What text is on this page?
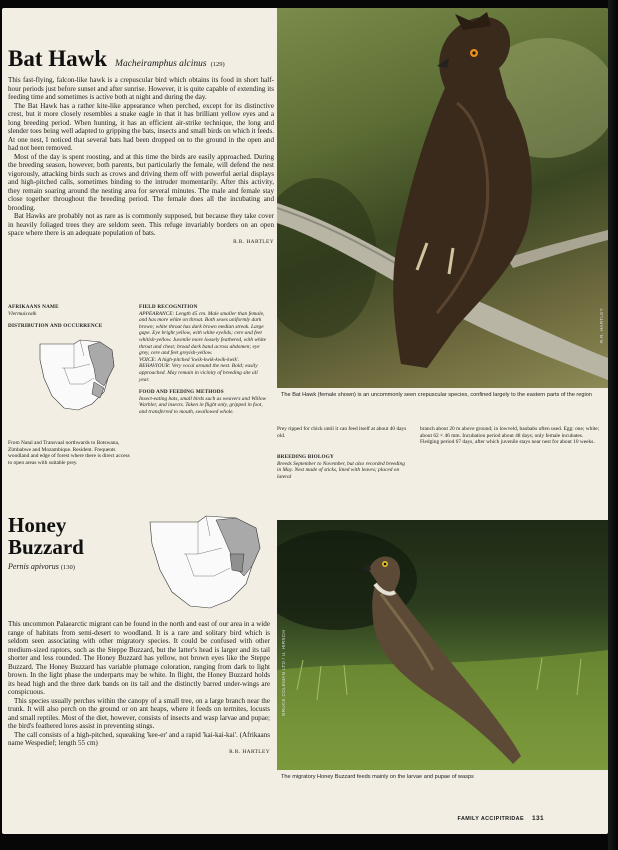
Bat Hawk Macheiramphus alcinus (129)

This fast-flying, falcon-like hawk is a crepuscular bird which obtains its food in short half-hour periods just before sunset and after sunrise. However, it is quite capable of extending its feeding time and sometimes is active both at night and during the day.

The Bat Hawk has a rather kite-like appearance when perched, except for its distinctive crest, but it more closely resembles a snake eagle in that it has brilliant yellow eyes and a long breeding period. When hunting, it has an efficient air-strike technique, the long and slender toes being well adapted to gripping the bats, insects and small birds on which it feeds. At one nest, I noticed that several bats had been dropped on to the ground in the open and had not been removed.

Most of the day is spent roosting, and at this time the birds are easily approached. During the breeding season, however, both parents, but particularly the female, will defend the nest vigorously, attacking birds such as crows and driving them off with powerful aerial displays and high-pitched calls, sometimes binding to the intruder momentarily. After this activity, they remain soaring around the nesting area for several minutes. The male and female stay close together throughout the breeding period. The female does all the incubating and brooding.

Bat Hawks are probably not as rare as is commonly supposed, but because they take cover in heavily foliaged trees they are seldom seen. This refuge invariably borders on an open space where there is an adequate population of bats.

R.R. HARTLEY
AFRIKAANS NAME
Vlermuisvalk
DISTRIBUTION AND OCCURRENCE
From Natal and Transvaal northwards to Botswana, Zimbabwe and Mozambique. Resident. Frequents woodland and edge of forest where there is direct access to open areas with suitable prey.
FIELD RECOGNITION
APPEARANCE: Length 45 cm. Male smaller than female, and has more white on throat. Both sexes uniformly dark brown; white throat has dark brown median streak. Large gape. Eye bright yellow, with white eyelids; cere and feet whitish-yellow. Juvenile more loosely feathered, with white throat and chest; broad dark band across abdomen; eye grey, cere and feet greyish-yellow.
VOICE: A high-pitched 'kwik-kwik-kwik-kwik'.
BEHAVIOUR: Very vocal around the nest. Bold; easily approached. May remain in vicinity of breeding site all year.
FOOD AND FEEDING METHODS
Insect-eating bats, small birds such as weavers and Willow Warbler, and insects. Taken in flight only, gripped in foot, and transferred to mouth, swallowed whole.
R.R. HARTLEY
The Bat Hawk (female shown) is an uncommonly seen crepuscular species, confined largely to the eastern parts of the region
Prey ripped for chick until it can feed itself at about 40 days old.
BREEDING BIOLOGY
Breeds September to November, but also recorded breeding in May. Nest made of sticks, lined with leaves; placed on lateral
branch about 20 m above ground; in lowveld, baobabs often used. Egg: one; white; about 62 × 46 mm. Incubation period about 48 days; only female incubates. Fledging period 67 days, after which juvenile stays near nest for about 10 weeks.
Honey
Buzzard
Pernis apivorus (130)

This uncommon Palaearctic migrant can be found in the north and east of our area in a wide range of habitats from semi-desert to woodland. It is a rare and solitary bird which is seldom seen associating with other migratory species. It could be confused with other medium-sized raptors, such as the Steppe Buzzard, but the latter's head is larger and its tail shorter and less rounded. The Honey Buzzard has yellow, not brown eyes like the Steppe Buzzard. The Honey Buzzard has variable plumage coloration, ranging from dark to light brown. In the light phase the underparts may be white. In flight, the Honey Buzzard holds its head high and the three dark bands on its tail and the distinctly barred under-wings are conspicuous.

This species usually perches within the canopy of a small tree, on a large branch near the trunk. It will also perch on the ground or on ant heaps, where it feeds on termites, locusts and small reptiles. Most of the diet, however, consists of insects and wasp larvae and pupae; the bird's feathered lores assist in preventing stings.

The call consists of a high-pitched, squeaking 'kee-er' and a rapid 'kai-kai-kai'. (Afrikaans name Wespedief; length 55 cm)

R.R. HARTLEY
BRUCE COLEMAN LTD / U. HIRSCH
The migratory Honey Buzzard feeds mainly on the larvae and pupae of wasps
FAMILY ACCIPITRIDAE 131
